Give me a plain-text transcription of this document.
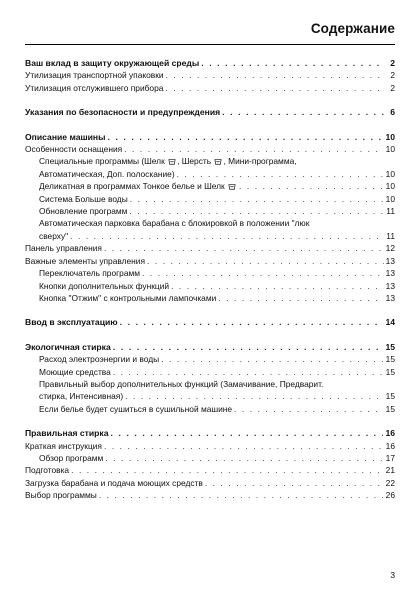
Содержание
Ваш вклад в защиту окружающей среды . . .	2
Утилизация транспортной упаковки . . .	2
Утилизация отслужившего прибора . . .	2
Указания по безопасности и предупреждения . . .	6
Описание машины . . .	10
Особенности оснащения . . .	10
Специальные программы (Шелк , Шерсть , Мини-программа,
Автоматическая, Доп. полоскание) . . .	10
Деликатная в программах Тонкое белье и Шелк . . .	10
Система Больше воды . . .	10
Обновление программ . . .	11
Автоматическая парковка барабана с блокировкой в положении "люк
сверху" . . .	11
Панель управления . . .	12
Важные элементы управления . . .	13
Переключатель программ . . .	13
Кнопки дополнительных функций . . .	13
Кнопка "Отжим" с контрольными лампочками . . .	13
Ввод в эксплуатацию . . .	14
Экологичная стирка . . .	15
Расход электроэнергии и воды . . .	15
Моющие средства . . .	15
Правильный выбор дополнительных функций (Замачивание, Предварит.
стирка, Интенсивная) . . .	15
Если белье будет сушиться в сушильной машине . . .	15
Правильная стирка . . .	16
Краткая инструкция . . .	16
Обзор программ . . .	17
Подготовка . . .	21
Загрузка барабана и подача моющих средств . . .	22
Выбор программы . . .	26
3
